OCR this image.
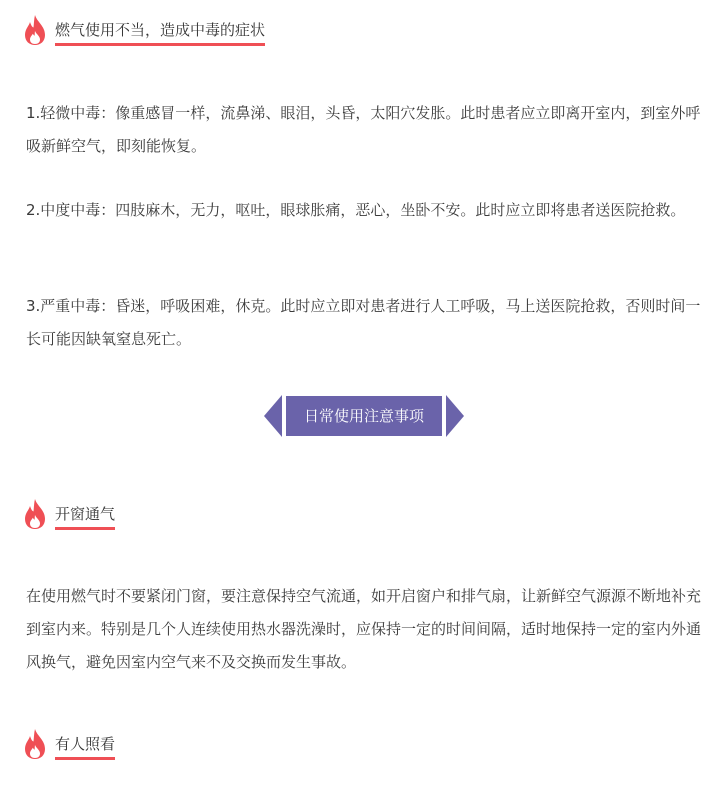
燃气使用不当，造成中毒的症状

1.轻微中毒：像重感冒一样，流鼻涕、眼泪，头昏，太阳穴发胀。此时患者应立即离开室内，到室外呼吸新鲜空气，即刻能恢复。

2.中度中毒：四肢麻木，无力，呕吐，眼球胀痛，恶心，坐卧不安。此时应立即将患者送医院抢救。

3.严重中毒：昏迷，呼吸困难，休克。此时应立即对患者进行人工呼吸，马上送医院抢救，否则时间一长可能因缺氧窒息死亡。

日常使用注意事项
开窗通气

在使用燃气时不要紧闭门窗，要注意保持空气流通，如开启窗户和排气扇，让新鲜空气源源不断地补充到室内来。特别是几个人连续使用热水器洗澡时，应保持一定的时间间隔，适时地保持一定的室内外通风换气，避免因室内空气来不及交换而发生事故。

有人照看
